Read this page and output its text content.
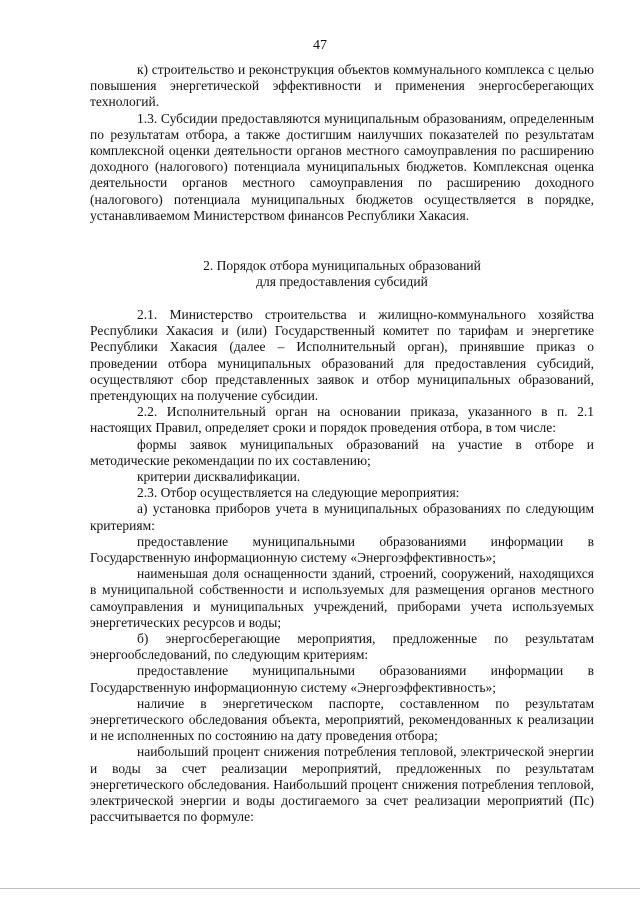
47

к) строительство и реконструкция объектов коммунального комплекса с целью повышения энергетической эффективности и применения энергосберегающих технологий.

1.3. Субсидии предоставляются муниципальным образованиям, определенным по результатам отбора, а также достигшим наилучших показателей по результатам комплексной оценки деятельности органов местного самоуправления по расширению доходного (налогового) потенциала муниципальных бюджетов. Комплексная оценка деятельности органов местного самоуправления по расширению доходного (налогового) потенциала муниципальных бюджетов осуществляется в порядке, устанавливаемом Министерством финансов Республики Хакасия.

2. Порядок отбора муниципальных образований

для предоставления субсидий

2.1. Министерство строительства и жилищно-коммунального хозяйства Республики Хакасия и (или) Государственный комитет по тарифам и энергетике Республики Хакасия (далее – Исполнительный орган), принявшие приказ о проведении отбора муниципальных образований для предоставления субсидий, осуществляют сбор представленных заявок и отбор муниципальных образований, претендующих на получение субсидии.

2.2. Исполнительный орган на основании приказа, указанного в п. 2.1 настоящих Правил, определяет сроки и порядок проведения отбора, в том числе:

формы заявок муниципальных образований на участие в отборе и методические рекомендации по их составлению;

критерии дисквалификации.

2.3. Отбор осуществляется на следующие мероприятия:

а) установка приборов учета в муниципальных образованиях по следующим критериям:

предоставление муниципальными образованиями информации в Государственную информационную систему «Энергоэффективность»;

наименьшая доля оснащенности зданий, строений, сооружений, находящихся в муниципальной собственности и используемых для размещения органов местного самоуправления и муниципальных учреждений, приборами учета используемых энергетических ресурсов и воды;

б) энергосберегающие мероприятия, предложенные по результатам энергообследований, по следующим критериям:

предоставление муниципальными образованиями информации в Государственную информационную систему «Энергоэффективность»;

наличие в энергетическом паспорте, составленном по результатам энергетического обследования объекта, мероприятий, рекомендованных к реализации и не исполненных по состоянию на дату проведения отбора;

наибольший процент снижения потребления тепловой, электрической энергии и воды за счет реализации мероприятий, предложенных по результатам энергетического обследования. Наибольший процент снижения потребления тепловой, электрической энергии и воды достигаемого за счет реализации мероприятий (Пс) рассчитывается по формуле:
